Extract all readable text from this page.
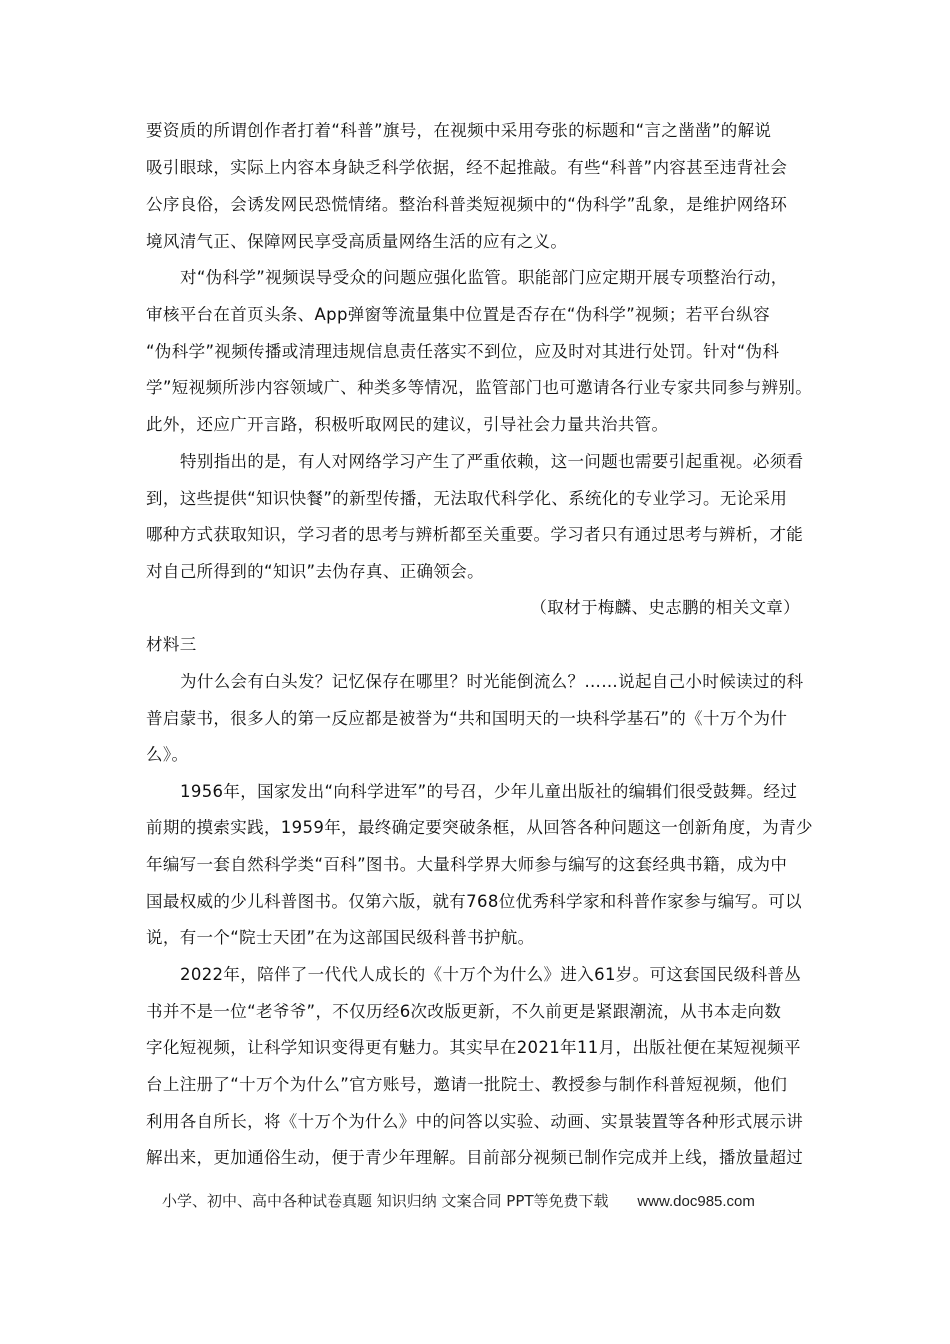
要资质的所谓创作者打着“科普”旗号，在视频中采用夸张的标题和“言之凿凿”的解说
吸引眼球，实际上内容本身缺乏科学依据，经不起推敲。有些“科普”内容甚至违背社会
公序良俗，会诱发网民恐慌情绪。整治科普类短视频中的“伪科学”乱象，是维护网络环
境风清气正、保障网民享受高质量网络生活的应有之义。
对“伪科学”视频误导受众的问题应强化监管。职能部门应定期开展专项整治行动，
审核平台在首页头条、App弹窗等流量集中位置是否存在“伪科学”视频；若平台纵容
“伪科学”视频传播或清理违规信息责任落实不到位，应及时对其进行处罚。针对“伪科
学”短视频所涉内容领域广、种类多等情况，监管部门也可邀请各行业专家共同参与辨别。
此外，还应广开言路，积极听取网民的建议，引导社会力量共治共管。
特别指出的是，有人对网络学习产生了严重依赖，这一问题也需要引起重视。必须看
到，这些提供“知识快餐”的新型传播，无法取代科学化、系统化的专业学习。无论采用
哪种方式获取知识，学习者的思考与辨析都至关重要。学习者只有通过思考与辨析，才能
对自己所得到的“知识”去伪存真、正确领会。
（取材于梅麟、史志鹏的相关文章）
材料三
为什么会有白头发？记忆保存在哪里？时光能倒流么？……说起自己小时候读过的科
普启蒙书，很多人的第一反应都是被誉为“共和国明天的一块科学基石”的《十万个为什
么》。
1956年，国家发出“向科学进军”的号召，少年儿童出版社的编辑们很受鼓舞。经过
前期的摸索实践，1959年，最终确定要突破条框，从回答各种问题这一创新角度，为青少
年编写一套自然科学类“百科”图书。大量科学界大师参与编写的这套经典书籍，成为中
国最权威的少儿科普图书。仅第六版，就有768位优秀科学家和科普作家参与编写。可以
说，有一个“院士天团”在为这部国民级科普书护航。
2022年，陪伴了一代代人成长的《十万个为什么》进入61岁。可这套国民级科普丛
书并不是一位“老爷爷”，不仅历经6次改版更新，不久前更是紧跟潮流，从书本走向数
字化短视频，让科学知识变得更有魅力。其实早在2021年11月，出版社便在某短视频平
台上注册了“十万个为什么”官方账号，邀请一批院士、教授参与制作科普短视频，他们
利用各自所长，将《十万个为什么》中的问答以实验、动画、实景装置等各种形式展示讲
解出来，更加通俗生动，便于青少年理解。目前部分视频已制作完成并上线，播放量超过
小学、初中、高中各种试卷真题 知识归纳 文案合同 PPT等免费下载 www.doc985.com
